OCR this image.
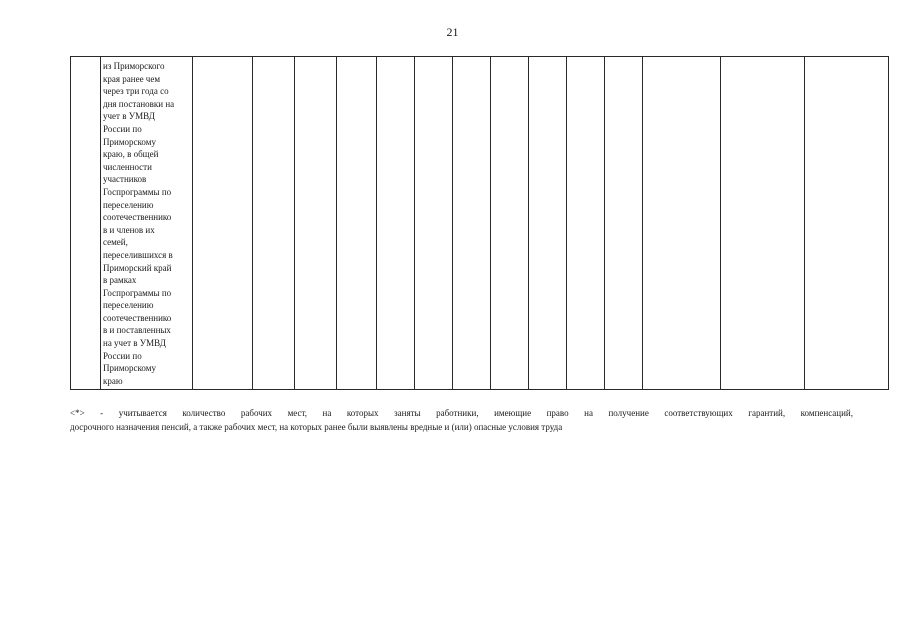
21

из Приморского
края ранее чем
через три года со
дня постановки на
учет в УМВД
России по
Приморскому
краю, в общей
численности
участников
Госпрограммы по
переселению
соотечественнико
в и членов их
семей,
переселившихся в
Приморский край
в рамках
Госпрограммы по
переселению
соотечественнико
в и поставленных
на учет в УМВД
России по
Приморскому
краю

<*> - учитывается количество рабочих мест, на которых заняты работники, имеющие право на получение соответствующих гарантий, компенсаций,
досрочного назначения пенсий, а также рабочих мест, на которых ранее были выявлены вредные и (или) опасные условия труда
